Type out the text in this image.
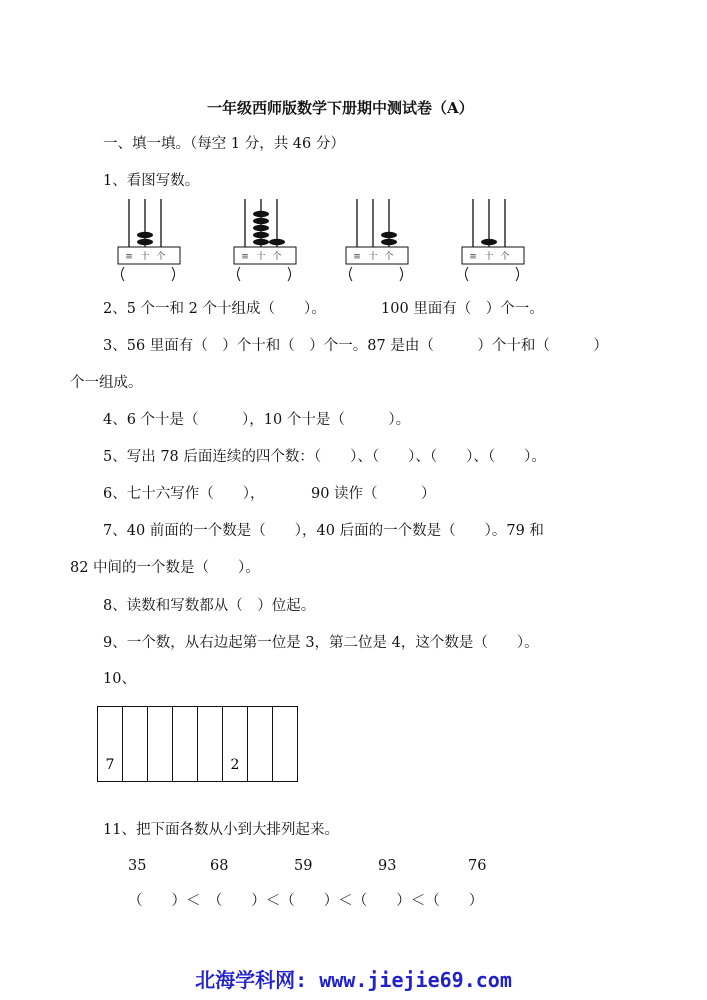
一年级西师版数学下册期中测试卷（A）
一、填一填。（每空 1 分，共 46 分）
1、看图写数。
≡ 十 个	≡ 十 个	≡ 十 个	≡ 十 个
2、5 个一和 2 个十组成（　　）。	100 里面有（　）个一。
3、56 里面有（　）个十和（　）个一。87 是由（　　　）个十和（　　　）
个一组成。
4、6 个十是（　　　），10 个十是（　　　）。
5、写出 78 后面连续的四个数：（　　）、（　　）、（　　）、（　　）。
6、七十六写作（　　），	90 读作（　　　）
7、40 前面的一个数是（　　），40 后面的一个数是（　　）。79 和
82 中间的一个数是（　　）。
8、读数和写数都从（　）位起。
9、一个数，从右边起第一位是 3，第二位是 4，这个数是（　　）。
10、
7	2
11、把下面各数从小到大排列起来。
35	68	59	93	76
（　　）＜　（　　）＜（　　）＜（　　）＜（　　）
北海学科网: www.jiejie69.com
